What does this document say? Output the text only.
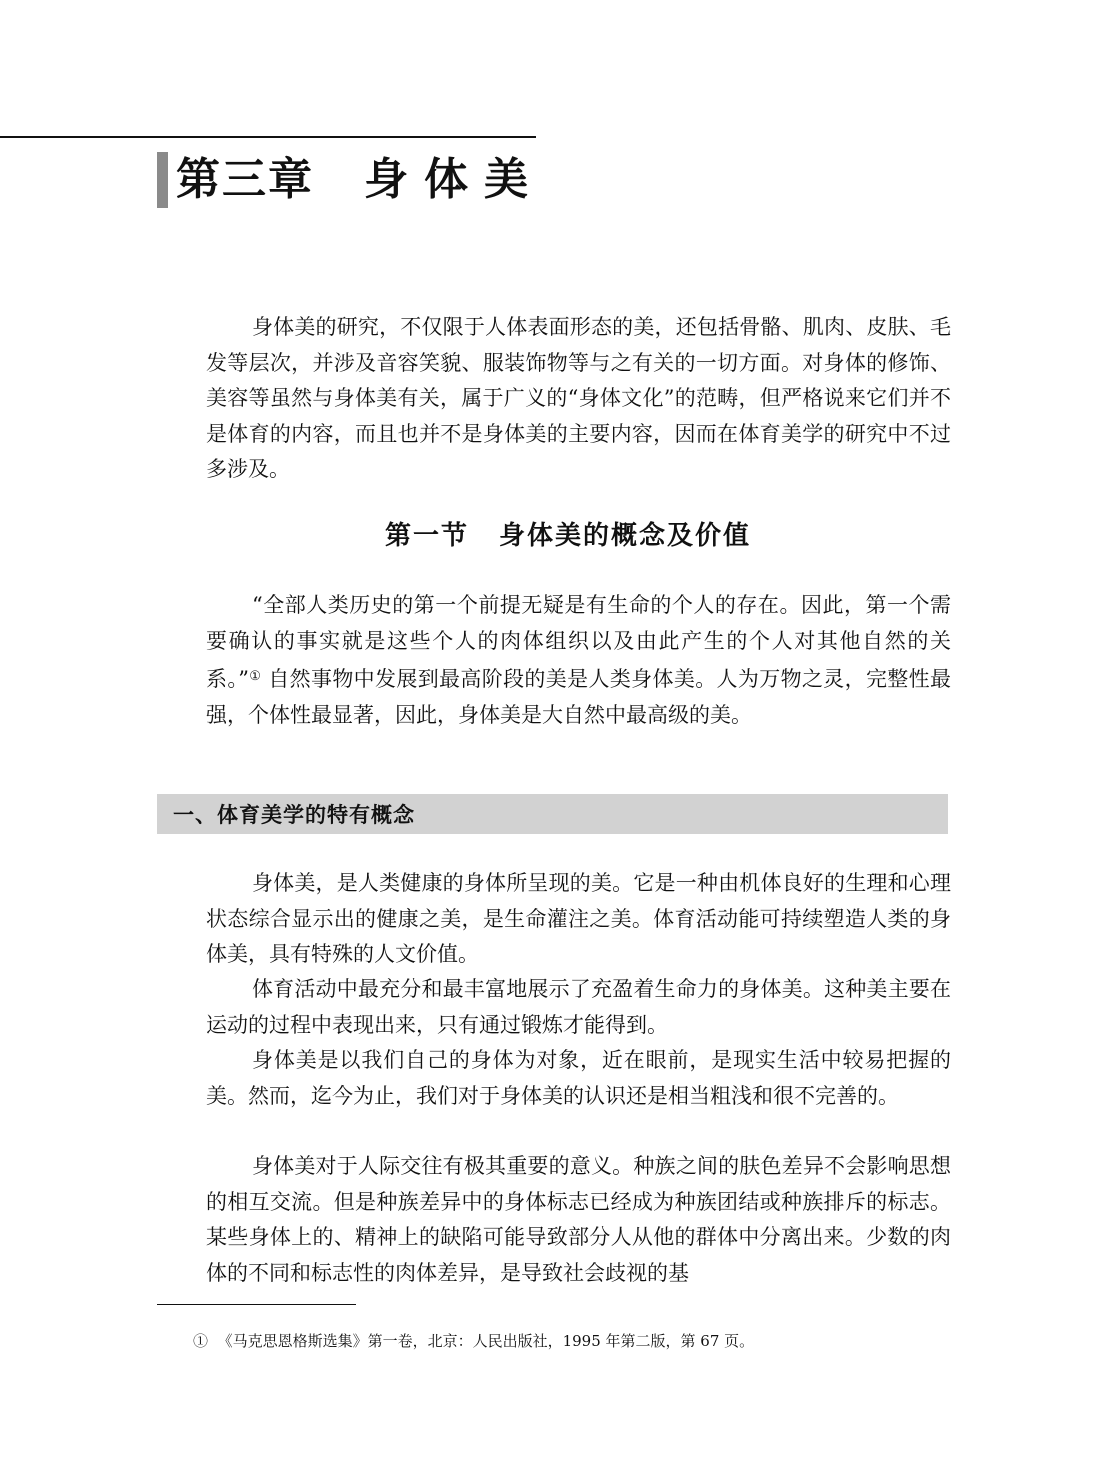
第三章 身体美

身体美的研究，不仅限于人体表面形态的美，还包括骨骼、肌肉、皮肤、毛发等层次，并涉及音容笑貌、服装饰物等与之有关的一切方面。对身体的修饰、美容等虽然与身体美有关，属于广义的“身体文化”的范畴，但严格说来它们并不是体育的内容，而且也并不是身体美的主要内容，因而在体育美学的研究中不过多涉及。

第一节 身体美的概念及价值

“全部人类历史的第一个前提无疑是有生命的个人的存在。因此，第一个需要确认的事实就是这些个人的肉体组织以及由此产生的个人对其他自然的关系。”① 自然事物中发展到最高阶段的美是人类身体美。人为万物之灵，完整性最强，个体性最显著，因此，身体美是大自然中最高级的美。

一、体育美学的特有概念

身体美，是人类健康的身体所呈现的美。它是一种由机体良好的生理和心理状态综合显示出的健康之美，是生命灌注之美。体育活动能可持续塑造人类的身体美，具有特殊的人文价值。

体育活动中最充分和最丰富地展示了充盈着生命力的身体美。这种美主要在运动的过程中表现出来，只有通过锻炼才能得到。

身体美是以我们自己的身体为对象，近在眼前，是现实生活中较易把握的美。然而，迄今为止，我们对于身体美的认识还是相当粗浅和很不完善的。

身体美对于人际交往有极其重要的意义。种族之间的肤色差异不会影响思想的相互交流。但是种族差异中的身体标志已经成为种族团结或种族排斥的标志。某些身体上的、精神上的缺陷可能导致部分人从他的群体中分离出来。少数的肉体的不同和标志性的肉体差异，是导致社会歧视的基

① 《马克思恩格斯选集》第一卷，北京：人民出版社，1995 年第二版，第 67 页。
